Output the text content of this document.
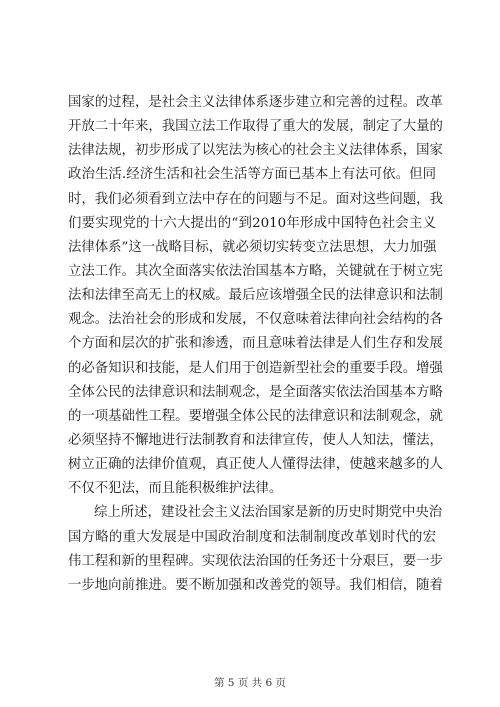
国家的过程，是社会主义法律体系逐步建立和完善的过程。改革
开放二十年来，我国立法工作取得了重大的发展，制定了大量的
法律法规，初步形成了以宪法为核心的社会主义法律体系，国家
政治生活.经济生活和社会生活等方面已基本上有法可依。但同
时，我们必须看到立法中存在的问题与不足。面对这些问题，我
们要实现党的十六大提出的“到2010年形成中国特色社会主义
法律体系”这一战略目标，就必须切实转变立法思想，大力加强
立法工作。其次全面落实依法治国基本方略，关键就在于树立宪
法和法律至高无上的权威。最后应该增强全民的法律意识和法制
观念。法治社会的形成和发展，不仅意味着法律向社会结构的各
个方面和层次的扩张和渗透，而且意味着法律是人们生存和发展
的必备知识和技能，是人们用于创造新型社会的重要手段。增强
全体公民的法律意识和法制观念，是全面落实依法治国基本方略
的一项基础性工程。要增强全体公民的法律意识和法制观念，就
必须坚持不懈地进行法制教育和法律宣传，使人人知法，懂法，
树立正确的法律价值观，真正使人人懂得法律，使越来越多的人
不仅不犯法，而且能积极维护法律。
综上所述，建设社会主义法治国家是新的历史时期党中央治
国方略的重大发展是中国政治制度和法制制度改革划时代的宏
伟工程和新的里程碑。实现依法治国的任务还十分艰巨，要一步
一步地向前推进。要不断加强和改善党的领导。我们相信，随着
第 5 页 共 6 页
